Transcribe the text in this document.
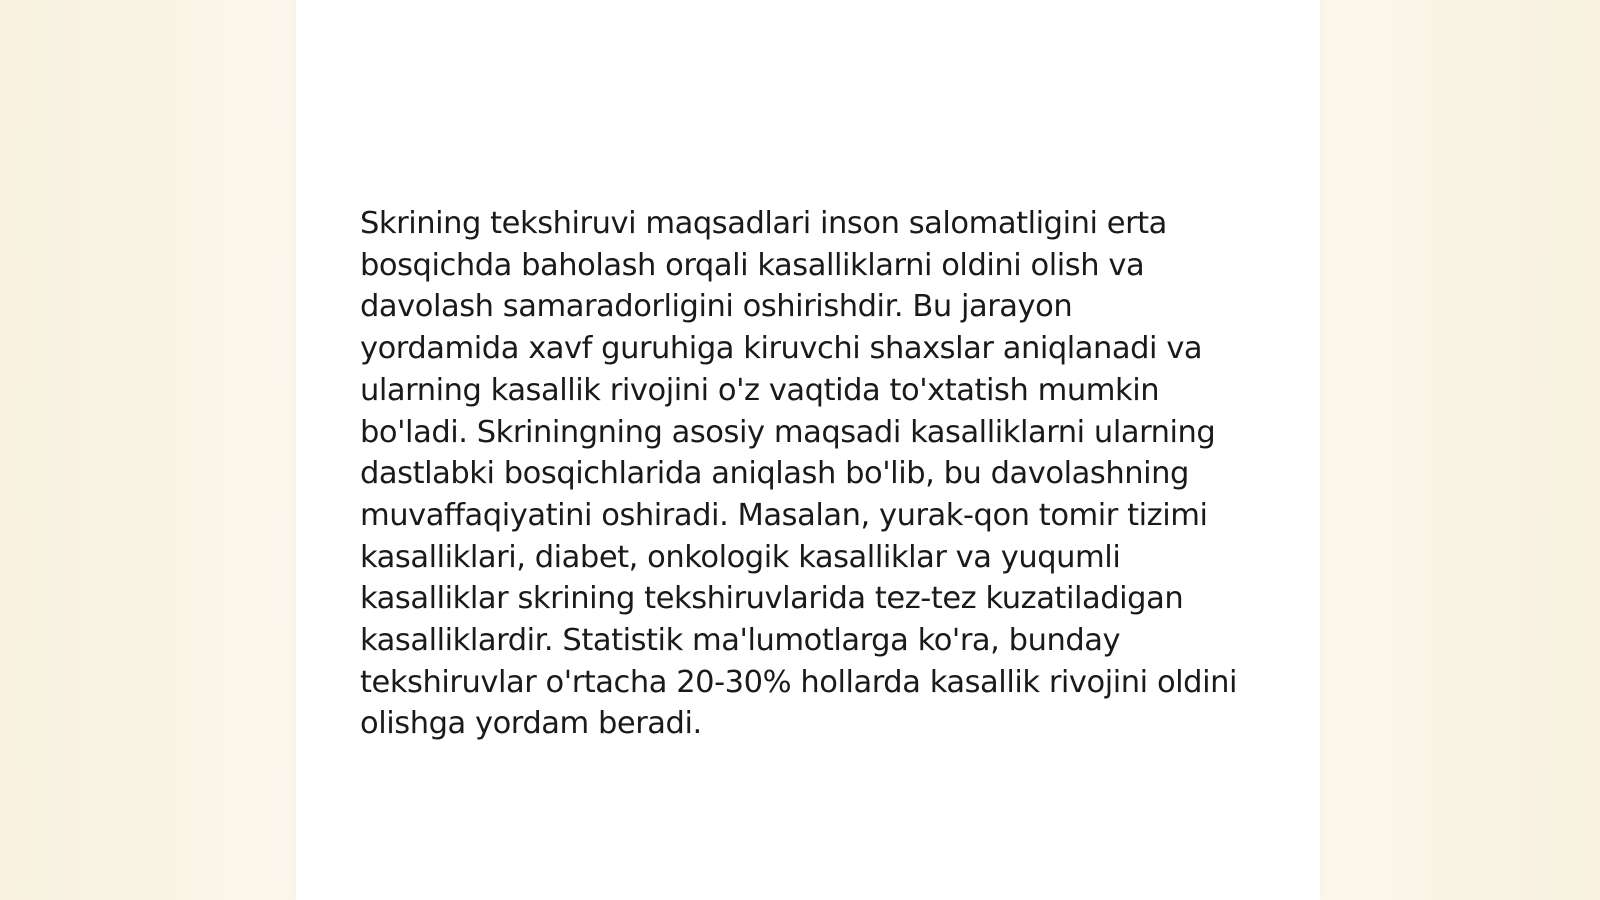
Skrining tekshiruvi maqsadlari inson salomatligini erta bosqichda baholash orqali kasalliklarni oldini olish va davolash samaradorligini oshirishdir. Bu jarayon yordamida xavf guruhiga kiruvchi shaxslar aniqlanadi va ularning kasallik rivojini o'z vaqtida to'xtatish mumkin bo'ladi. Skriningning asosiy maqsadi kasalliklarni ularning dastlabki bosqichlarida aniqlash bo'lib, bu davolashning muvaffaqiyatini oshiradi. Masalan, yurak-qon tomir tizimi kasalliklari, diabet, onkologik kasalliklar va yuqumli kasalliklar skrining tekshiruvlarida tez-tez kuzatiladigan kasalliklardir. Statistik ma'lumotlarga ko'ra, bunday tekshiruvlar o'rtacha 20-30% hollarda kasallik rivojini oldini olishga yordam beradi.
